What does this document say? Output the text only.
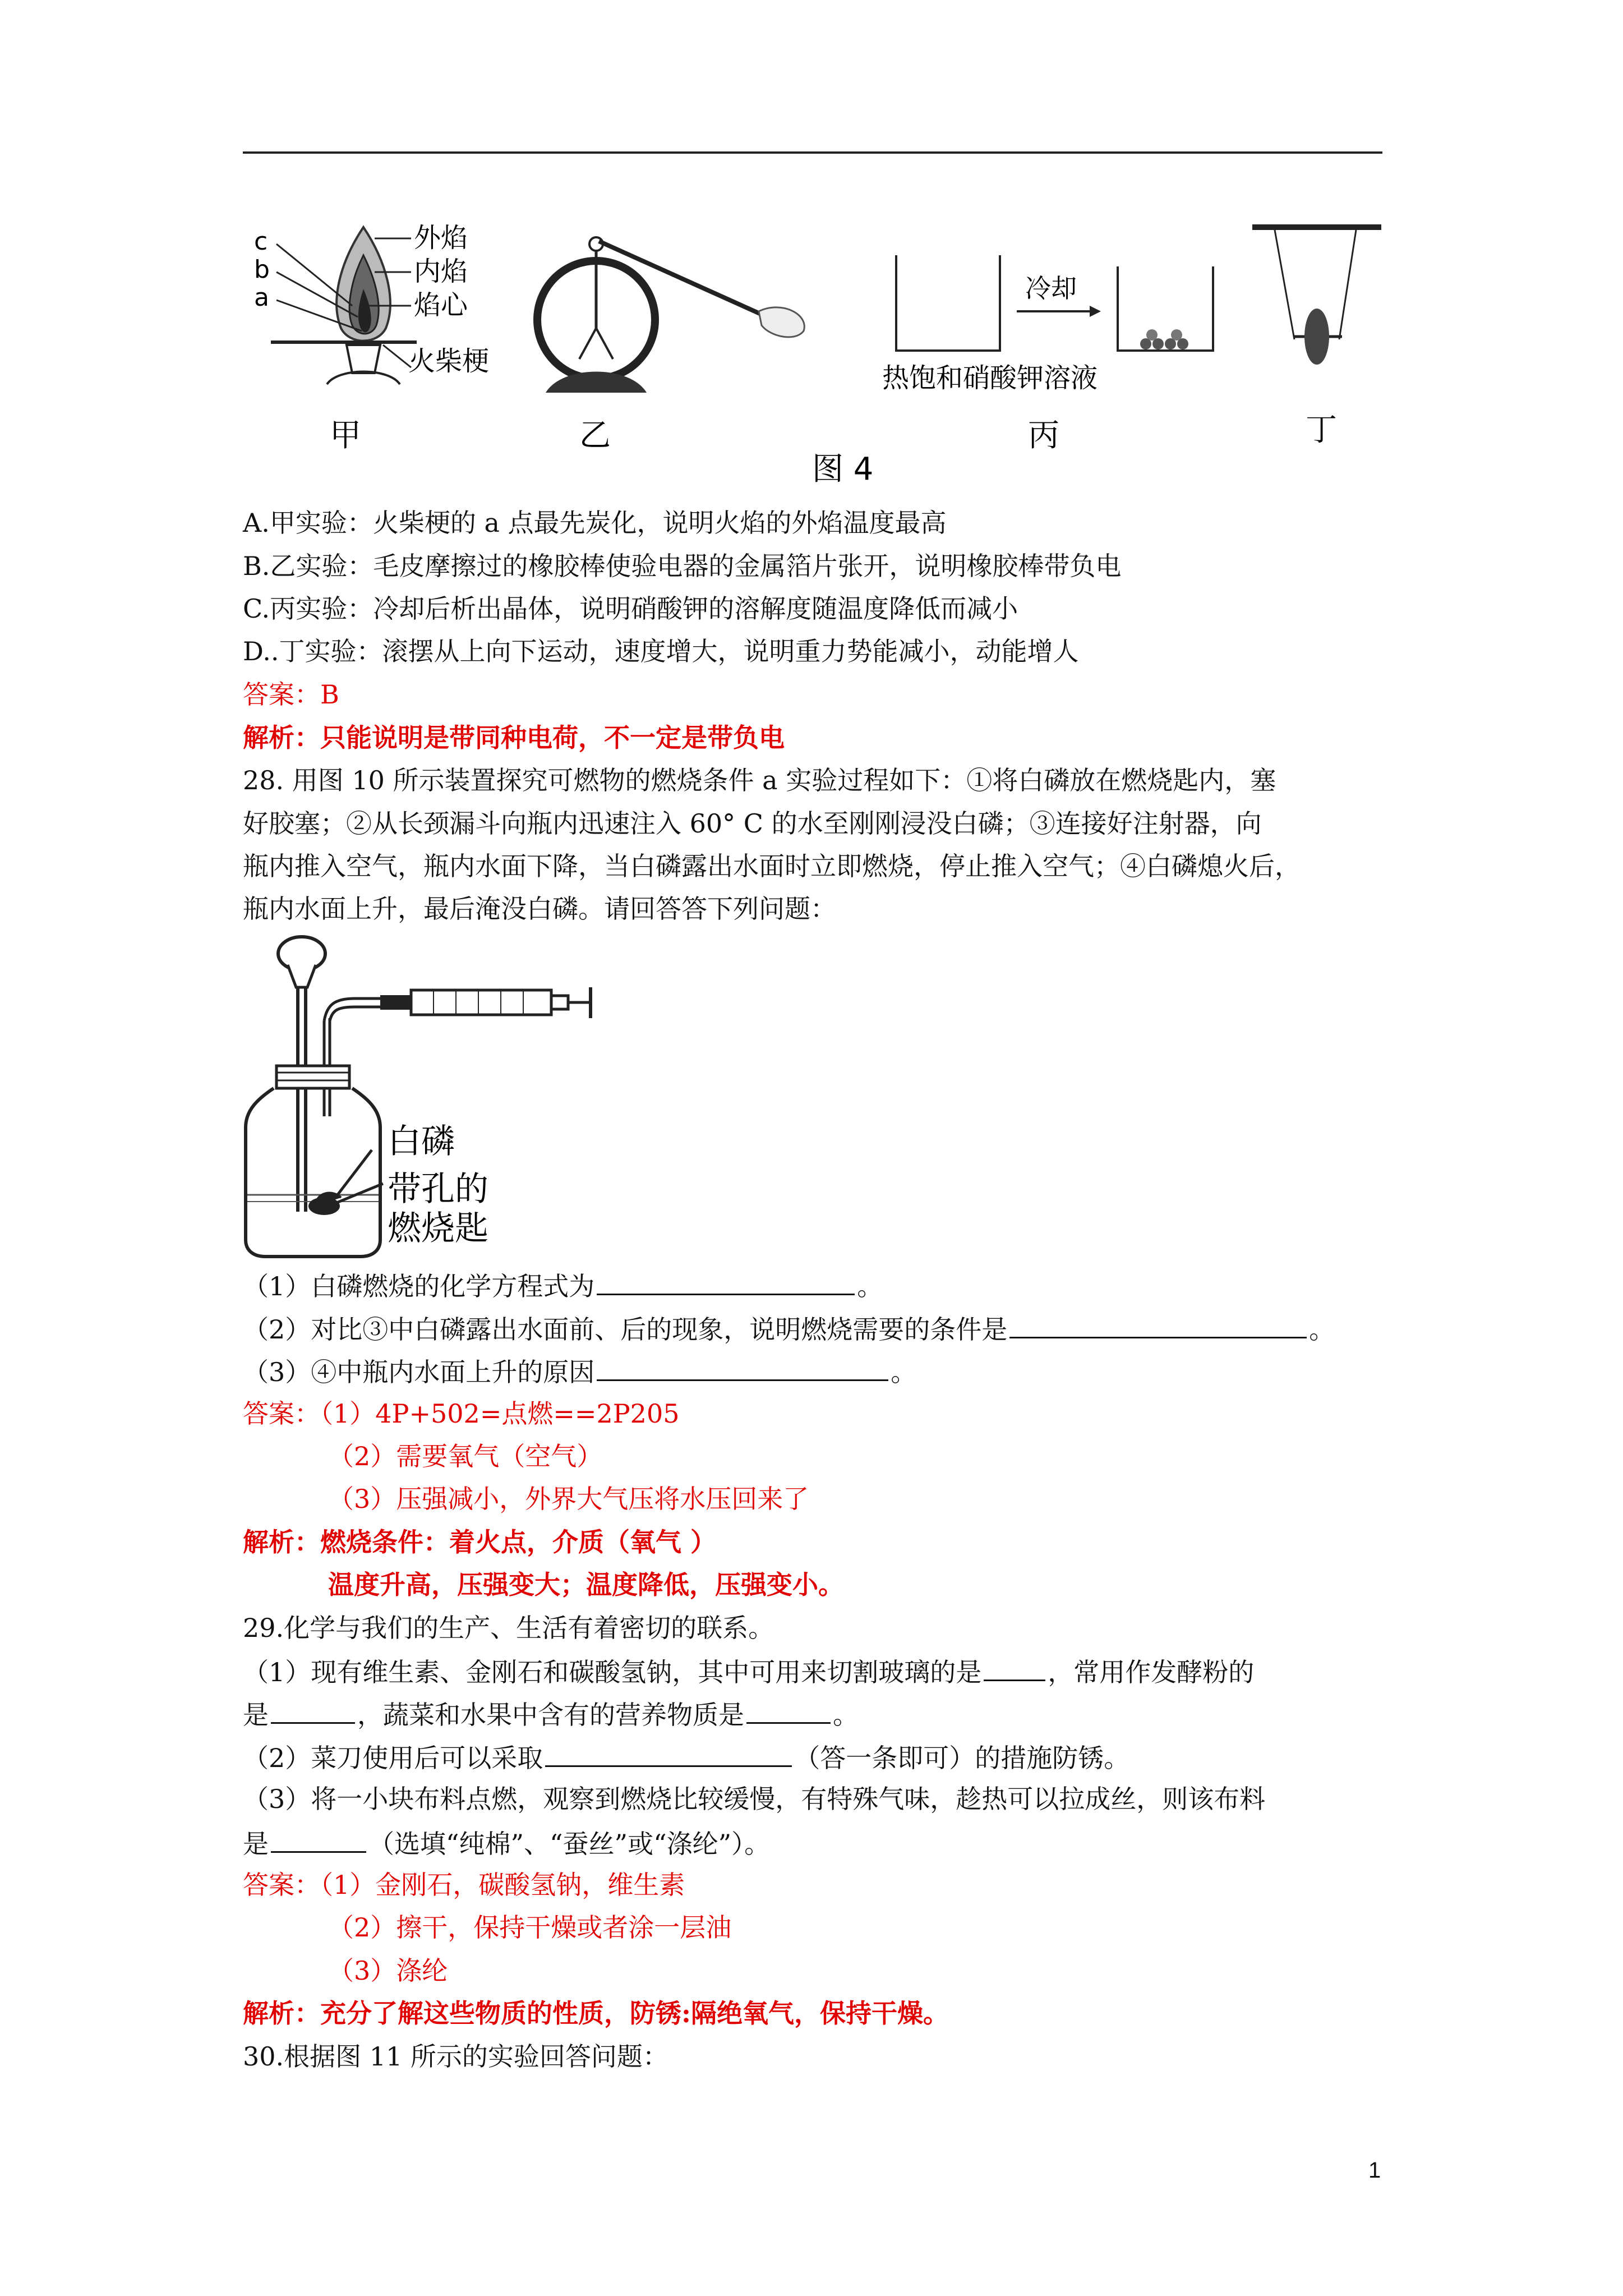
c
b
a
外焰
内焰
焰心
火柴梗
冷却
热饱和硝酸钾溶液
甲	乙	丙	丁
图 4
A.甲实验：火柴梗的 a 点最先炭化，说明火焰的外焰温度最高
B.乙实验：毛皮摩擦过的橡胶棒使验电器的金属箔片张开，说明橡胶棒带负电
C.丙实验：冷却后析出晶体，说明硝酸钾的溶解度随温度降低而减小
D..丁实验：滚摆从上向下运动，速度增大，说明重力势能减小，动能增人
答案：B
解析：只能说明是带同种电荷，不一定是带负电
28. 用图 10 所示装置探究可燃物的燃烧条件 a 实验过程如下：①将白磷放在燃烧匙内，塞
好胶塞；②从长颈漏斗向瓶内迅速注入 60° C 的水至刚刚浸没白磷；③连接好注射器，向
瓶内推入空气，瓶内水面下降，当白磷露出水面时立即燃烧，停止推入空气；④白磷熄火后，
瓶内水面上升，最后淹没白磷。请回答答下列问题：
白磷
带孔的
燃烧匙
（1）白磷燃烧的化学方程式为	。
（2）对比③中白磷露出水面前、后的现象，说明燃烧需要的条件是	。
（3）④中瓶内水面上升的原因	。
答案：（1）4P+502=点燃==2P205
（2）需要氧气（空气）
（3）压强减小，外界大气压将水压回来了
解析：燃烧条件：着火点，介质（氧气 ）
温度升高，压强变大；温度降低，压强变小。
29.化学与我们的生产、生活有着密切的联系。
（1）现有维生素、金刚石和碳酸氢钠，其中可用来切割玻璃的是	，常用作发酵粉的
是	，蔬菜和水果中含有的营养物质是	。
（2）菜刀使用后可以采取	（答一条即可）的措施防锈。
（3）将一小块布料点燃，观察到燃烧比较缓慢，有特殊气味，趁热可以拉成丝，则该布料
是	（选填“纯棉”、“蚕丝”或“涤纶”）。
答案：（1）金刚石，碳酸氢钠，维生素
（2）擦干，保持干燥或者涂一层油
（3）涤纶
解析：充分了解这些物质的性质，防锈:隔绝氧气，保持干燥。
30.根据图 11 所示的实验回答问题：
1
